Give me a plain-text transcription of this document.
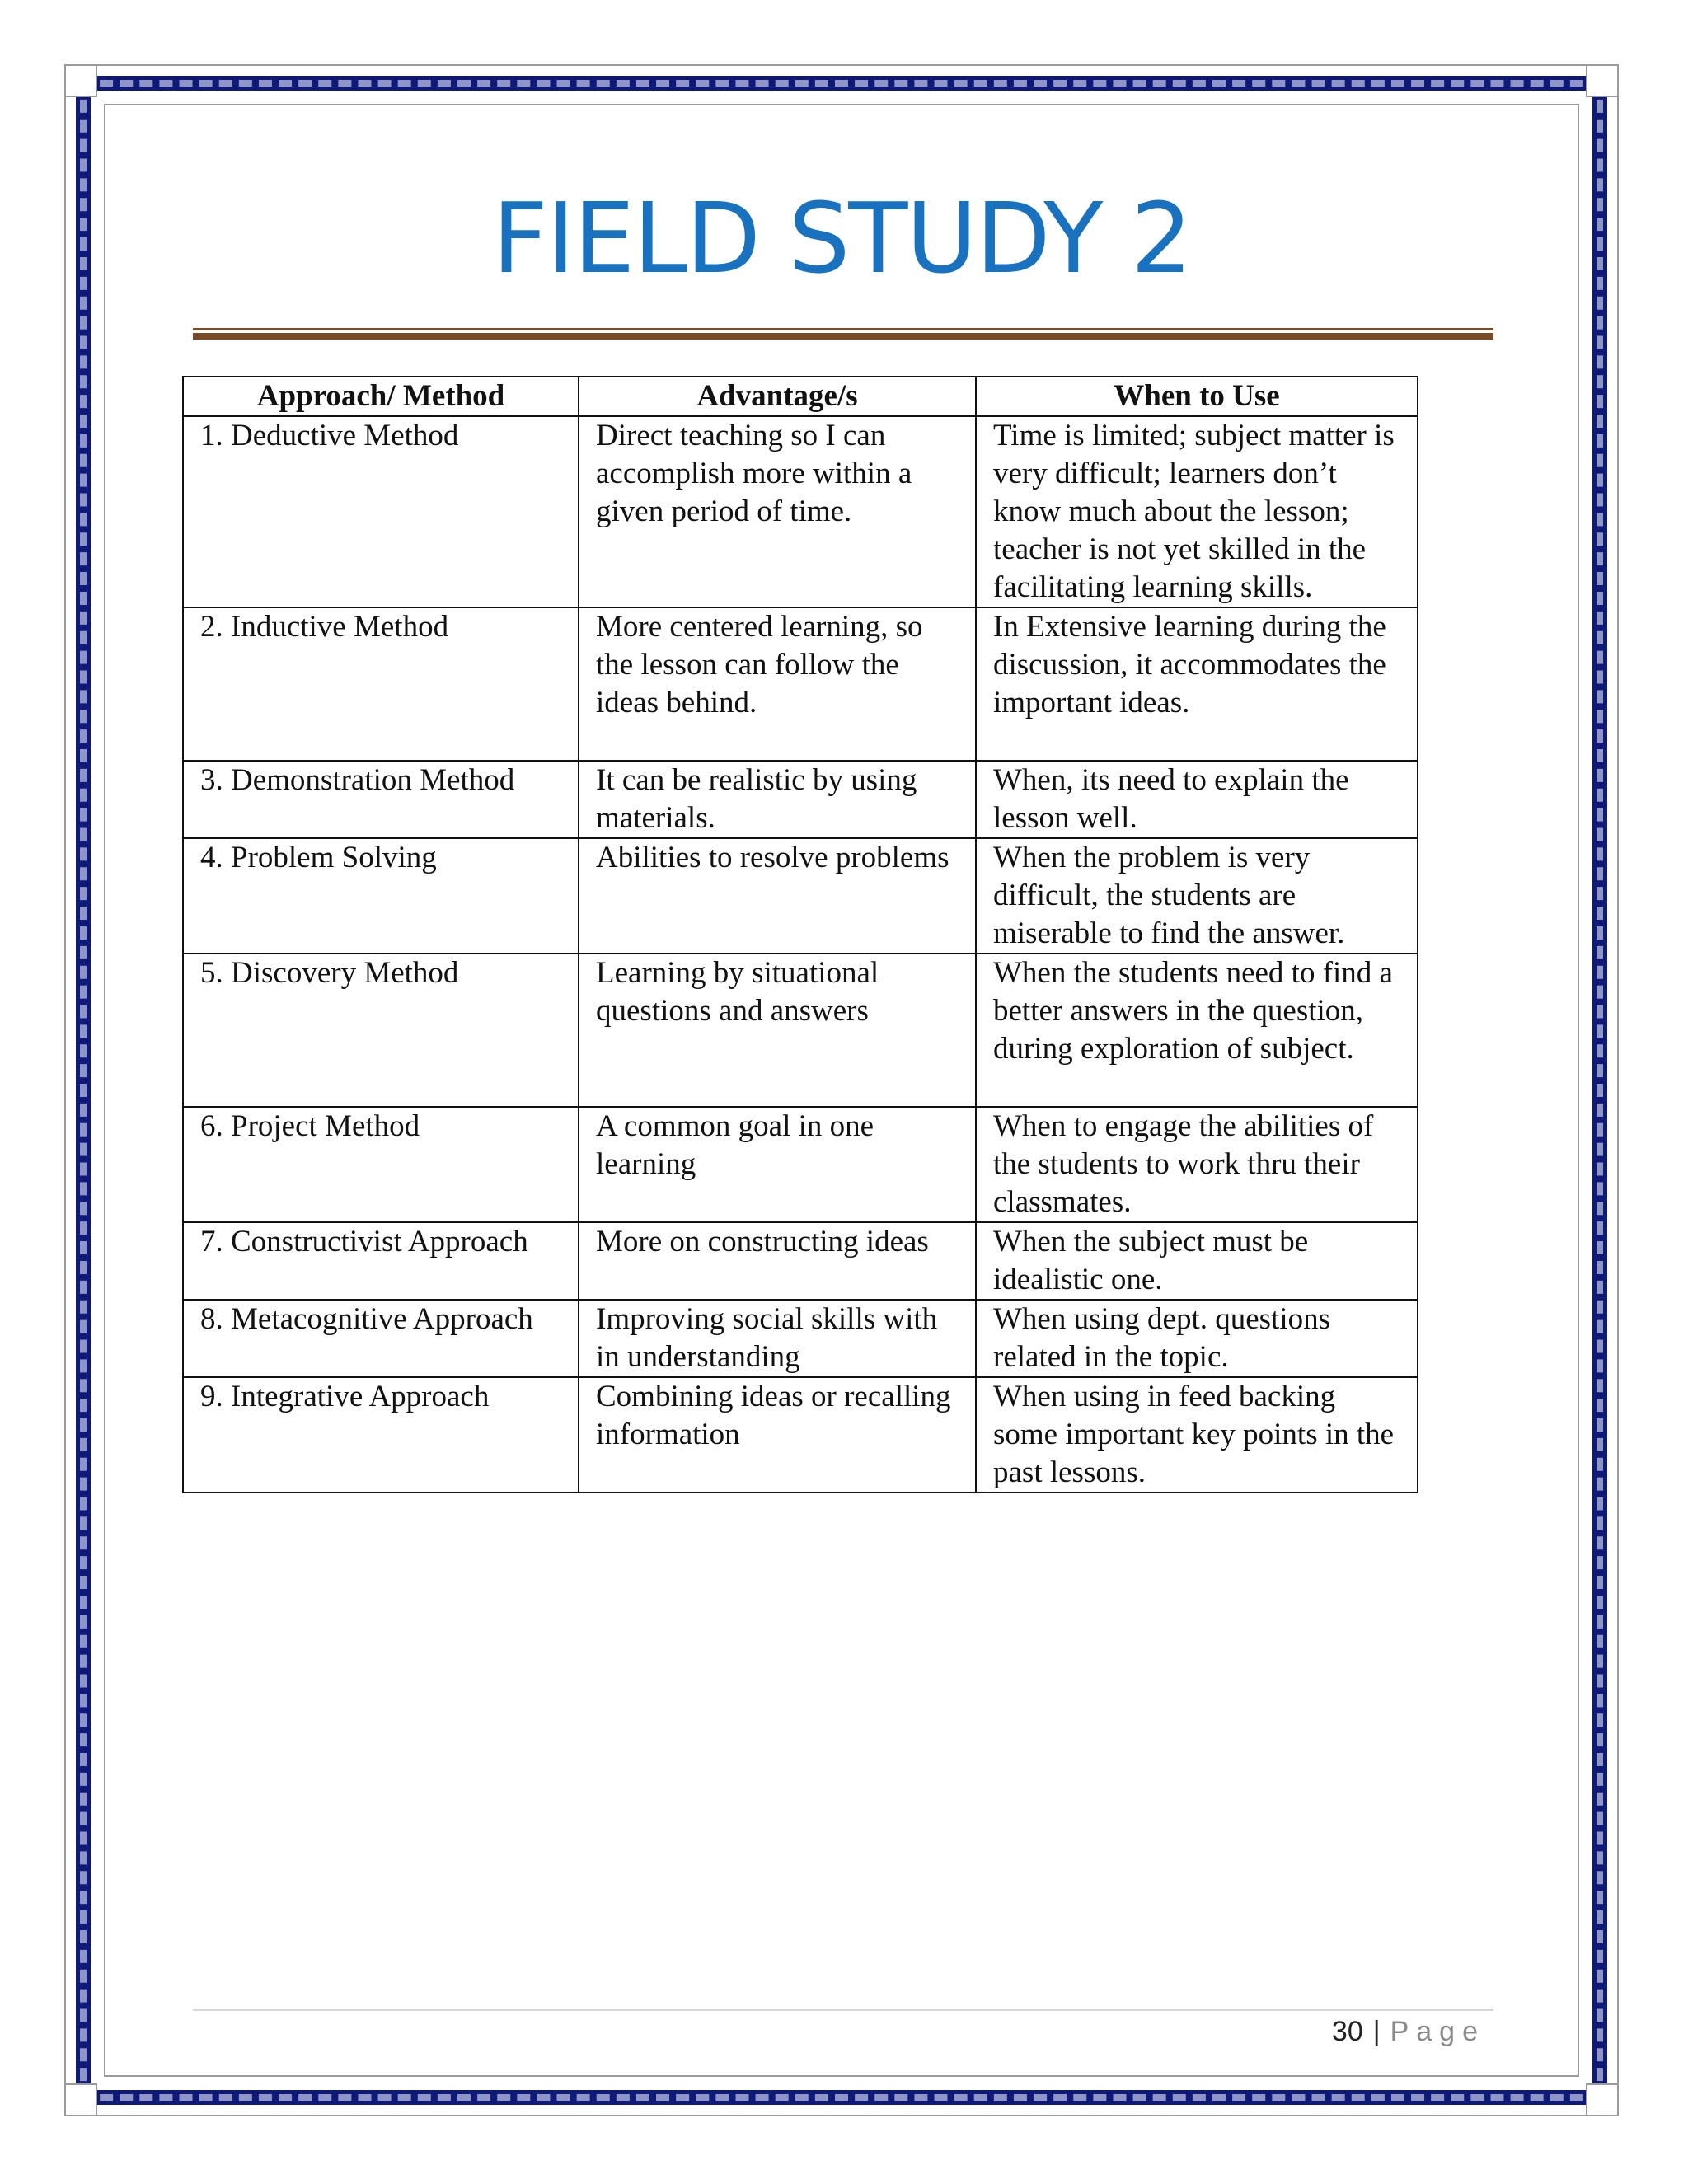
FIELD STUDY 2
Approach/ Method	Advantage/s	When to Use
1. Deductive Method	Direct teaching so I can accomplish more within a given period of time.	Time is limited; subject matter is very difficult; learners don’t know much about the lesson; teacher is not yet skilled in the facilitating learning skills.
2. Inductive Method	More centered learning, so the lesson can follow the ideas behind.	In Extensive learning during the discussion, it accommodates the important ideas.
3. Demonstration Method	It can be realistic by using materials.	When, its need to explain the lesson well.
4. Problem Solving	Abilities to resolve problems	When the problem is very difficult, the students are miserable to find the answer.
5. Discovery Method	Learning by situational questions and answers	When the students need to find a better answers in the question, during exploration of subject.
6. Project Method	A common goal in one learning	When to engage the abilities of the students to work thru their classmates.
7. Constructivist Approach	More on constructing ideas	When the subject must be idealistic one.
8. Metacognitive Approach	Improving social skills with in understanding	When using dept. questions related in the topic.
9. Integrative Approach	Combining ideas or recalling information	When using in feed backing some important key points in the past lessons.
30 | Page
